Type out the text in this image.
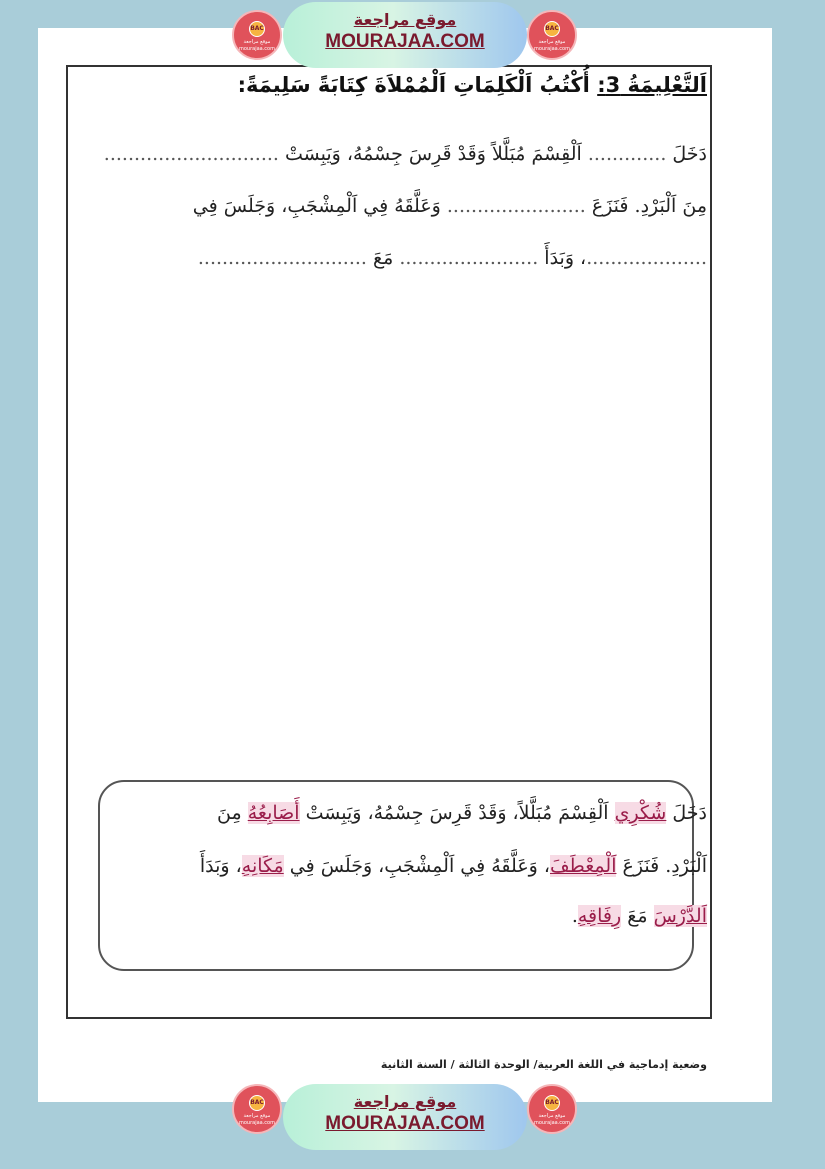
BAC
موقع مراجعة
mourajaa.com
موقع مراجعة
MOURAJAA.COM
BAC
موقع مراجعة
mourajaa.com
اَلتَّعْلِيمَةُ 3: أُكْتُبُ اَلْكَلِمَاتِ اَلْمُمْلاَةَ كِتَابَةً سَلِيمَةً:
دَخَلَ ............. اَلْقِسْمَ مُبَلَّلاً وَقَدْ قَرِسَ جِسْمُهُ، وَيَبِسَتْ .............................
مِنَ اَلْبَرْدِ. فَنَزَعَ ....................... وَعَلَّقَهُ فِي اَلْمِشْجَبِ، وَجَلَسَ فِي
....................، وَبَدَأَ ....................... مَعَ ............................
دَخَلَ شُكْرِي اَلْقِسْمَ مُبَلَّلاً، وَقَدْ قَرِسَ جِسْمُهُ، وَيَبِسَتْ أَصَابِعُهُ مِنَ
اَلْبَرْدِ. فَنَزَعَ اَلْمِعْطَفَ، وَعَلَّقَهُ فِي اَلْمِشْجَبِ، وَجَلَسَ فِي مَكَانِهِ، وَبَدَأَ
اَلدَّرْسَ مَعَ رِفَاقِهِ.
وضعية إدماجية في اللغة العربية/ الوحدة الثالثة / السنة الثانية
BAC
موقع مراجعة
mourajaa.com
موقع مراجعة
MOURAJAA.COM
BAC
موقع مراجعة
mourajaa.com
